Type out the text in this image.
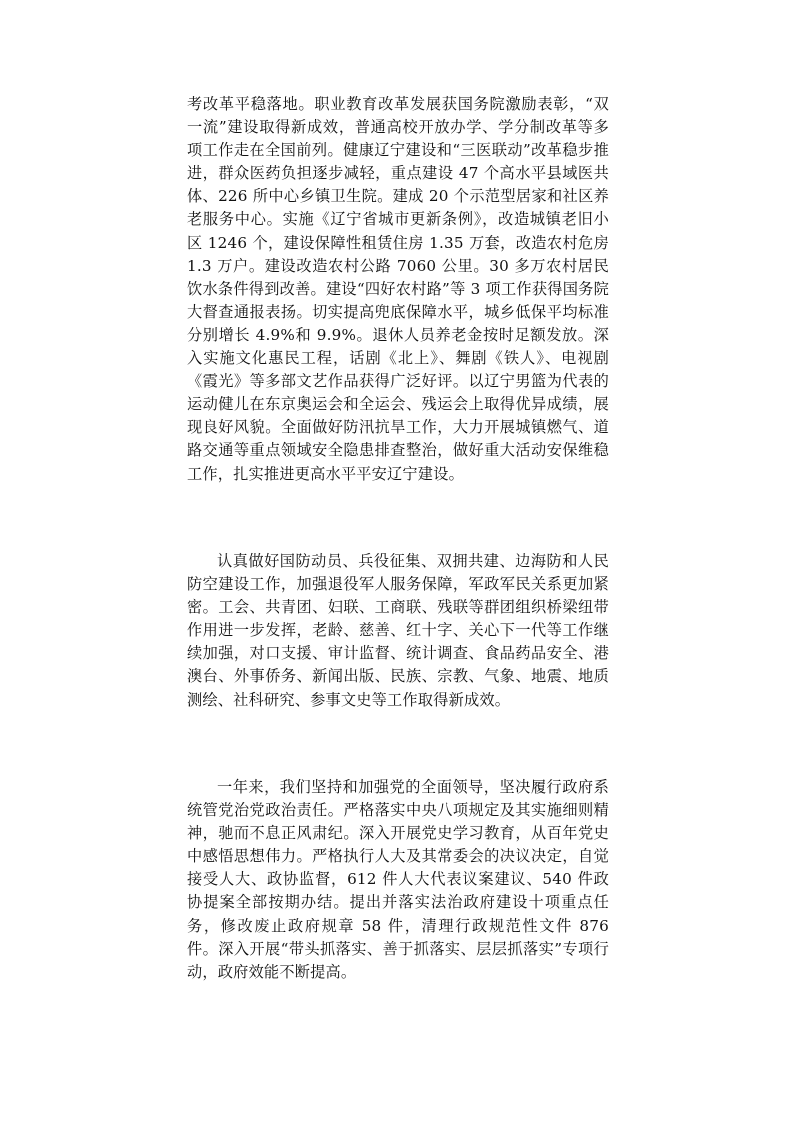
考改革平稳落地。职业教育改革发展获国务院激励表彰，“双一流”建设取得新成效，普通高校开放办学、学分制改革等多项工作走在全国前列。健康辽宁建设和“三医联动”改革稳步推进，群众医药负担逐步减轻，重点建设 47 个高水平县域医共体、226 所中心乡镇卫生院。建成 20 个示范型居家和社区养老服务中心。实施《辽宁省城市更新条例》，改造城镇老旧小区 1246 个，建设保障性租赁住房 1.35 万套，改造农村危房 1.3 万户。建设改造农村公路 7060 公里。30 多万农村居民饮水条件得到改善。建设“四好农村路”等 3 项工作获得国务院大督查通报表扬。切实提高兜底保障水平，城乡低保平均标准分别增长 4.9%和 9.9%。退休人员养老金按时足额发放。深入实施文化惠民工程，话剧《北上》、舞剧《铁人》、电视剧《霞光》等多部文艺作品获得广泛好评。以辽宁男篮为代表的运动健儿在东京奥运会和全运会、残运会上取得优异成绩，展现良好风貌。全面做好防汛抗旱工作，大力开展城镇燃气、道路交通等重点领域安全隐患排查整治，做好重大活动安保维稳工作，扎实推进更高水平平安辽宁建设。

认真做好国防动员、兵役征集、双拥共建、边海防和人民防空建设工作，加强退役军人服务保障，军政军民关系更加紧密。工会、共青团、妇联、工商联、残联等群团组织桥梁纽带作用进一步发挥，老龄、慈善、红十字、关心下一代等工作继续加强，对口支援、审计监督、统计调查、食品药品安全、港澳台、外事侨务、新闻出版、民族、宗教、气象、地震、地质测绘、社科研究、参事文史等工作取得新成效。

一年来，我们坚持和加强党的全面领导，坚决履行政府系统管党治党政治责任。严格落实中央八项规定及其实施细则精神，驰而不息正风肃纪。深入开展党史学习教育，从百年党史中感悟思想伟力。严格执行人大及其常委会的决议决定，自觉接受人大、政协监督，612 件人大代表议案建议、540 件政协提案全部按期办结。提出并落实法治政府建设十项重点任务，修改废止政府规章 58 件，清理行政规范性文件 876 件。深入开展“带头抓落实、善于抓落实、层层抓落实”专项行动，政府效能不断提高。
